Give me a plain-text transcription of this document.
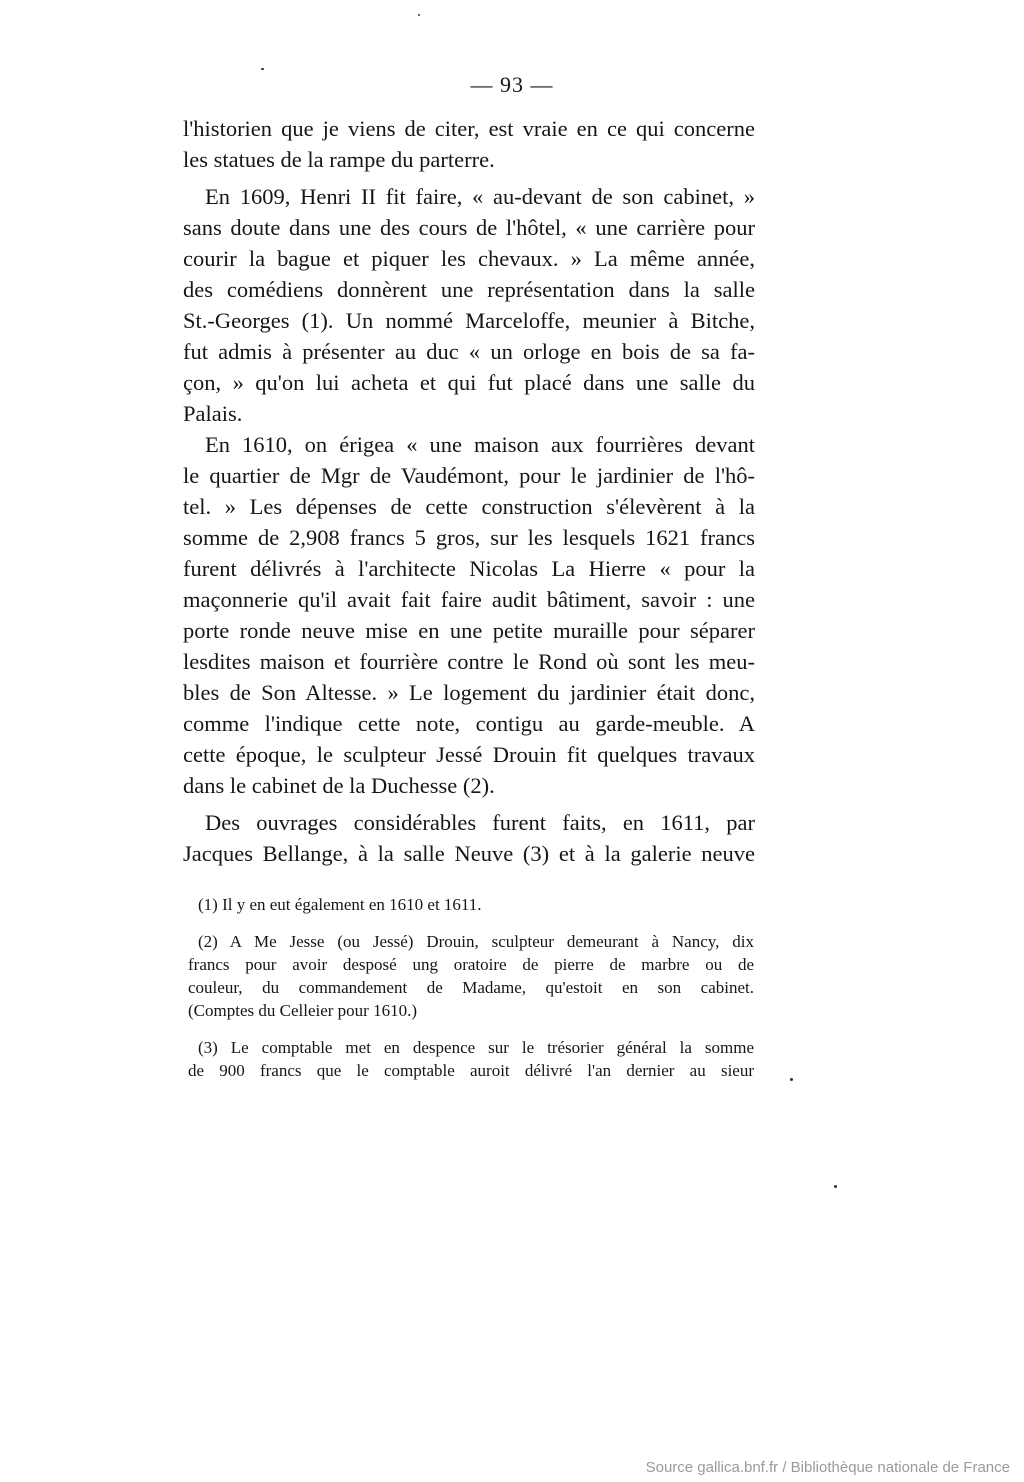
— 93 —
l'historien que je viens de citer, est vraie en ce qui concerne
les statues de la rampe du parterre.
En 1609, Henri II fit faire, « au-devant de son cabinet, »
sans doute dans une des cours de l'hôtel, « une carrière pour
courir la bague et piquer les chevaux. » La même année,
des comédiens donnèrent une représentation dans la salle
St.-Georges (1). Un nommé Marceloffe, meunier à Bitche,
fut admis à présenter au duc « un orloge en bois de sa fa-
çon, » qu'on lui acheta et qui fut placé dans une salle du
Palais.
En 1610, on érigea « une maison aux fourrières devant
le quartier de Mgr de Vaudémont, pour le jardinier de l'hô-
tel. » Les dépenses de cette construction s'élevèrent à la
somme de 2,908 francs 5 gros, sur les lesquels 1621 francs
furent délivrés à l'architecte Nicolas La Hierre « pour la
maçonnerie qu'il avait fait faire audit bâtiment, savoir : une
porte ronde neuve mise en une petite muraille pour séparer
lesdites maison et fourrière contre le Rond où sont les meu-
bles de Son Altesse. » Le logement du jardinier était donc,
comme l'indique cette note, contigu au garde-meuble. A
cette époque, le sculpteur Jessé Drouin fit quelques travaux
dans le cabinet de la Duchesse (2).
Des ouvrages considérables furent faits, en 1611, par
Jacques Bellange, à la salle Neuve (3) et à la galerie neuve
(1) Il y en eut également en 1610 et 1611.
(2) A Me Jesse (ou Jessé) Drouin, sculpteur demeurant à Nancy, dix
francs pour avoir desposé ung oratoire de pierre de marbre ou de
couleur, du commandement de Madame, qu'estoit en son cabinet.
(Comptes du Celleier pour 1610.)
(3) Le comptable met en despence sur le trésorier général la somme
de 900 francs que le comptable auroit délivré l'an dernier au sieur
Source gallica.bnf.fr / Bibliothèque nationale de France
